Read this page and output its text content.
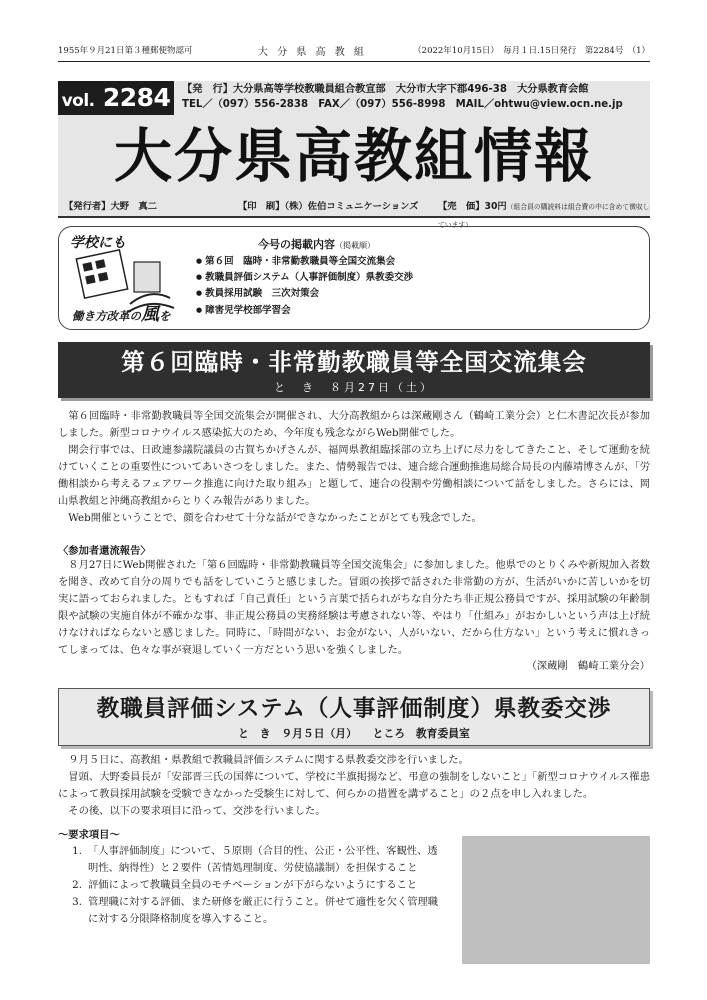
1955年９月21日第３種郵便物認可	大 分 県 高 教 組	（2022年10月15日）　毎月１日.15日発行　第2284号　（1）
vol. 2284	【発　行】大分県高等学校教職員組合教宣部　大分市大字下郡496-38　大分県教育会館
TEL／（097）556-2838　FAX／（097）556-8998　MAIL／ohtwu@view.ocn.ne.jp
大分県高教組情報
【発行者】大野　真二	【印　刷】（株）佐伯コミュニケーションズ 【売　価】30円（組合員の購読料は組合費の中に含めて徴収しています）
学校にも
働き方改革の風を
今号の掲載内容（掲載順）
● 第６回　臨時・非常勤教職員等全国交流集会
● 教職員評価システム（人事評価制度）県教委交渉
● 教員採用試験　三次対策会
● 障害児学校部学習会
第６回臨時・非常勤教職員等全国交流集会
と　き　８月27日（土）

第６回臨時・非常勤教職員等全国交流集会が開催され、大分高教組からは深蔵剛さん（鶴崎工業分会）と仁木書記次長が参加しました。新型コロナウイルス感染拡大のため、今年度も残念ながらWeb開催でした。

開会行事では、日政連参議院議員の古賀ちかげさんが、福岡県教組臨採部の立ち上げに尽力をしてきたこと、そして運動を続けていくことの重要性についてあいさつをしました。また、情勢報告では、連合総合運動推進局総合局長の内藤靖博さんが、「労働相談から考えるフェアワーク推進に向けた取り組み」と題して、連合の役割や労働相談について話をしました。さらには、岡山県教組と沖縄高教組からとりくみ報告がありました。

Web開催ということで、顔を合わせて十分な話ができなかったことがとても残念でした。

〈参加者還流報告〉

８月27日にWeb開催された「第６回臨時・非常勤教職員等全国交流集会」に参加しました。他県でのとりくみや新規加入者数を聞き、改めて自分の周りでも話をしていこうと感じました。冒頭の挨拶で話された非常勤の方が、生活がいかに苦しいかを切実に語っておられました。ともすれば「自己責任」という言葉で括られがちな自分たち非正規公務員ですが、採用試験の年齢制限や試験の実施自体が不確かな事、非正規公務員の実務経験は考慮されない等、やはり「仕組み」がおかしいという声は上げ続けなければならないと感じました。同時に、「時間がない、お金がない、人がいない、だから仕方ない」という考えに慣れきってしまっては、色々な事が衰退していく一方だという思いを強くしました。

（深蔵剛　鶴崎工業分会）
教職員評価システム（人事評価制度）県教委交渉
と　き　９月５日（月） ところ　教育委員室

９月５日に、高教組・県教組で教職員評価システムに関する県教委交渉を行いました。

冒頭、大野委員長が「安部晋三氏の国葬について、学校に半旗掲揚など、弔意の強制をしないこと」「新型コロナウイルス罹患によって教員採用試験を受験できなかった受験生に対して、何らかの措置を講ずること」の２点を申し入れました。

その後、以下の要求項目に沿って、交渉を行いました。

～要求項目～
1. 「人事評価制度」について、５原則（合目的性、公正・公平性、客観性、透明性、納得性）と２要件（苦情処理制度、労使協議制）を担保すること
2. 評価によって教職員全員のモチベーションが下がらないようにすること
3. 管理職に対する評価、また研修を厳正に行うこと。併せて適性を欠く管理職に対する分限降格制度を導入すること。
